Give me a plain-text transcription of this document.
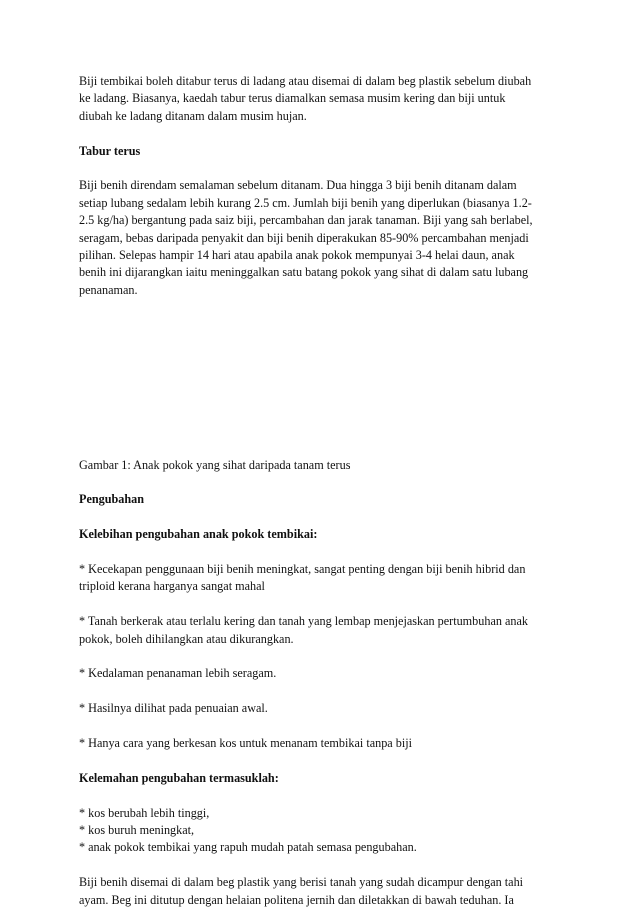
Biji tembikai boleh ditabur terus di ladang atau disemai di dalam beg plastik sebelum diubah
ke ladang. Biasanya, kaedah tabur terus diamalkan semasa musim kering dan biji untuk
diubah ke ladang ditanam dalam musim hujan.

Tabur terus

Biji benih direndam semalaman sebelum ditanam. Dua hingga 3 biji benih ditanam dalam
setiap lubang sedalam lebih kurang 2.5 cm. Jumlah biji benih yang diperlukan (biasanya 1.2-
2.5 kg/ha) bergantung pada saiz biji, percambahan dan jarak tanaman. Biji yang sah berlabel,
seragam, bebas daripada penyakit dan biji benih diperakukan 85-90% percambahan menjadi
pilihan. Selepas hampir 14 hari atau apabila anak pokok mempunyai 3-4 helai daun, anak
benih ini dijarangkan iaitu meninggalkan satu batang pokok yang sihat di dalam satu lubang
penanaman.

Gambar 1: Anak pokok yang sihat daripada tanam terus

Pengubahan

Kelebihan pengubahan anak pokok tembikai:

* Kecekapan penggunaan biji benih meningkat, sangat penting dengan biji benih hibrid dan
triploid kerana harganya sangat mahal

* Tanah berkerak atau terlalu kering dan tanah yang lembap menjejaskan pertumbuhan anak
pokok, boleh dihilangkan atau dikurangkan.

* Kedalaman penanaman lebih seragam.

* Hasilnya dilihat pada penuaian awal.

* Hanya cara yang berkesan kos untuk menanam tembikai tanpa biji

Kelemahan pengubahan termasuklah:

* kos berubah lebih tinggi,
* kos buruh meningkat,
* anak pokok tembikai yang rapuh mudah patah semasa pengubahan.

Biji benih disemai di dalam beg plastik yang berisi tanah yang sudah dicampur dengan tahi
ayam. Beg ini ditutup dengan helaian politena jernih dan diletakkan di bawah teduhan. Ia
